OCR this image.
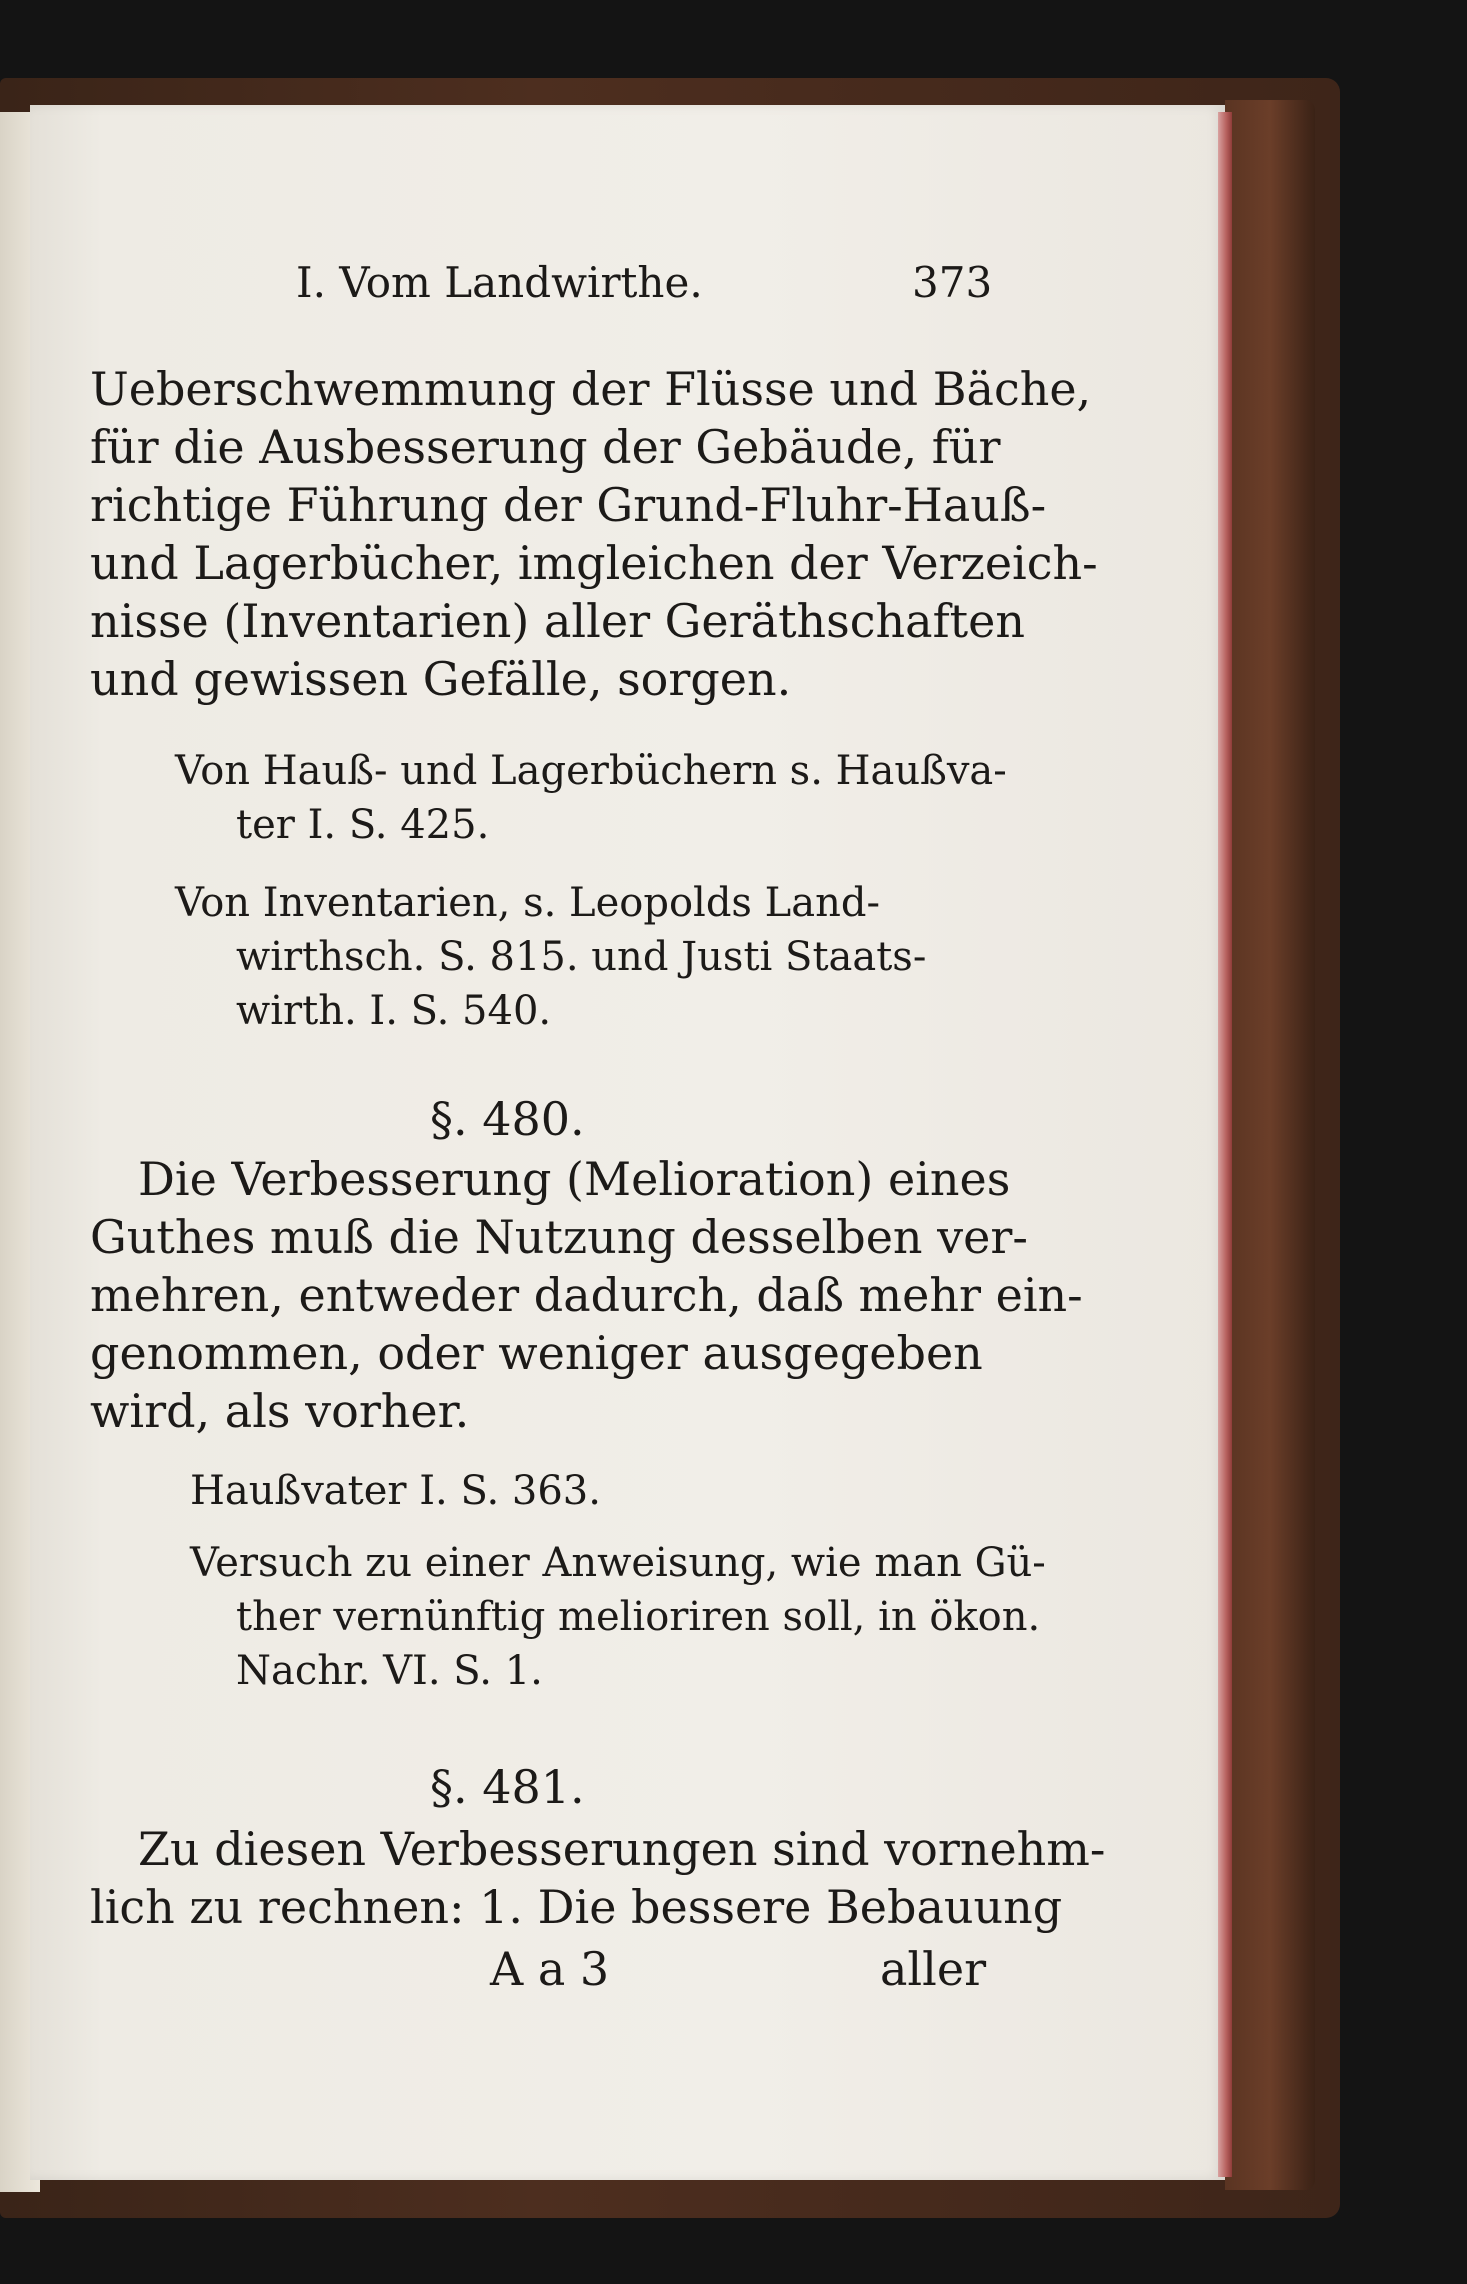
I. Vom Landwirthe.	373
Ueberschwemmung der Flüsse und Bäche,
für die Ausbesserung der Gebäude, für
richtige Führung der Grund-Fluhr-Hauß-
und Lagerbücher, imgleichen der Verzeich-
nisse (Inventarien) aller Geräthschaften
und gewissen Gefälle, sorgen.
Von Hauß- und Lagerbüchern s. Haußva-
ter I. S. 425.
Von Inventarien, s. Leopolds Land-
wirthsch. S. 815. und Justi Staats-
wirth. I. S. 540.
§. 480.
Die Verbesserung (Melioration) eines
Guthes muß die Nutzung desselben ver-
mehren, entweder dadurch, daß mehr ein-
genommen, oder weniger ausgegeben
wird, als vorher.
Haußvater I. S. 363.
Versuch zu einer Anweisung, wie man Gü-
ther vernünftig melioriren soll, in ökon.
Nachr. VI. S. 1.
§. 481.
Zu diesen Verbesserungen sind vornehm-
lich zu rechnen: 1. Die bessere Bebauung
A a 3	aller
